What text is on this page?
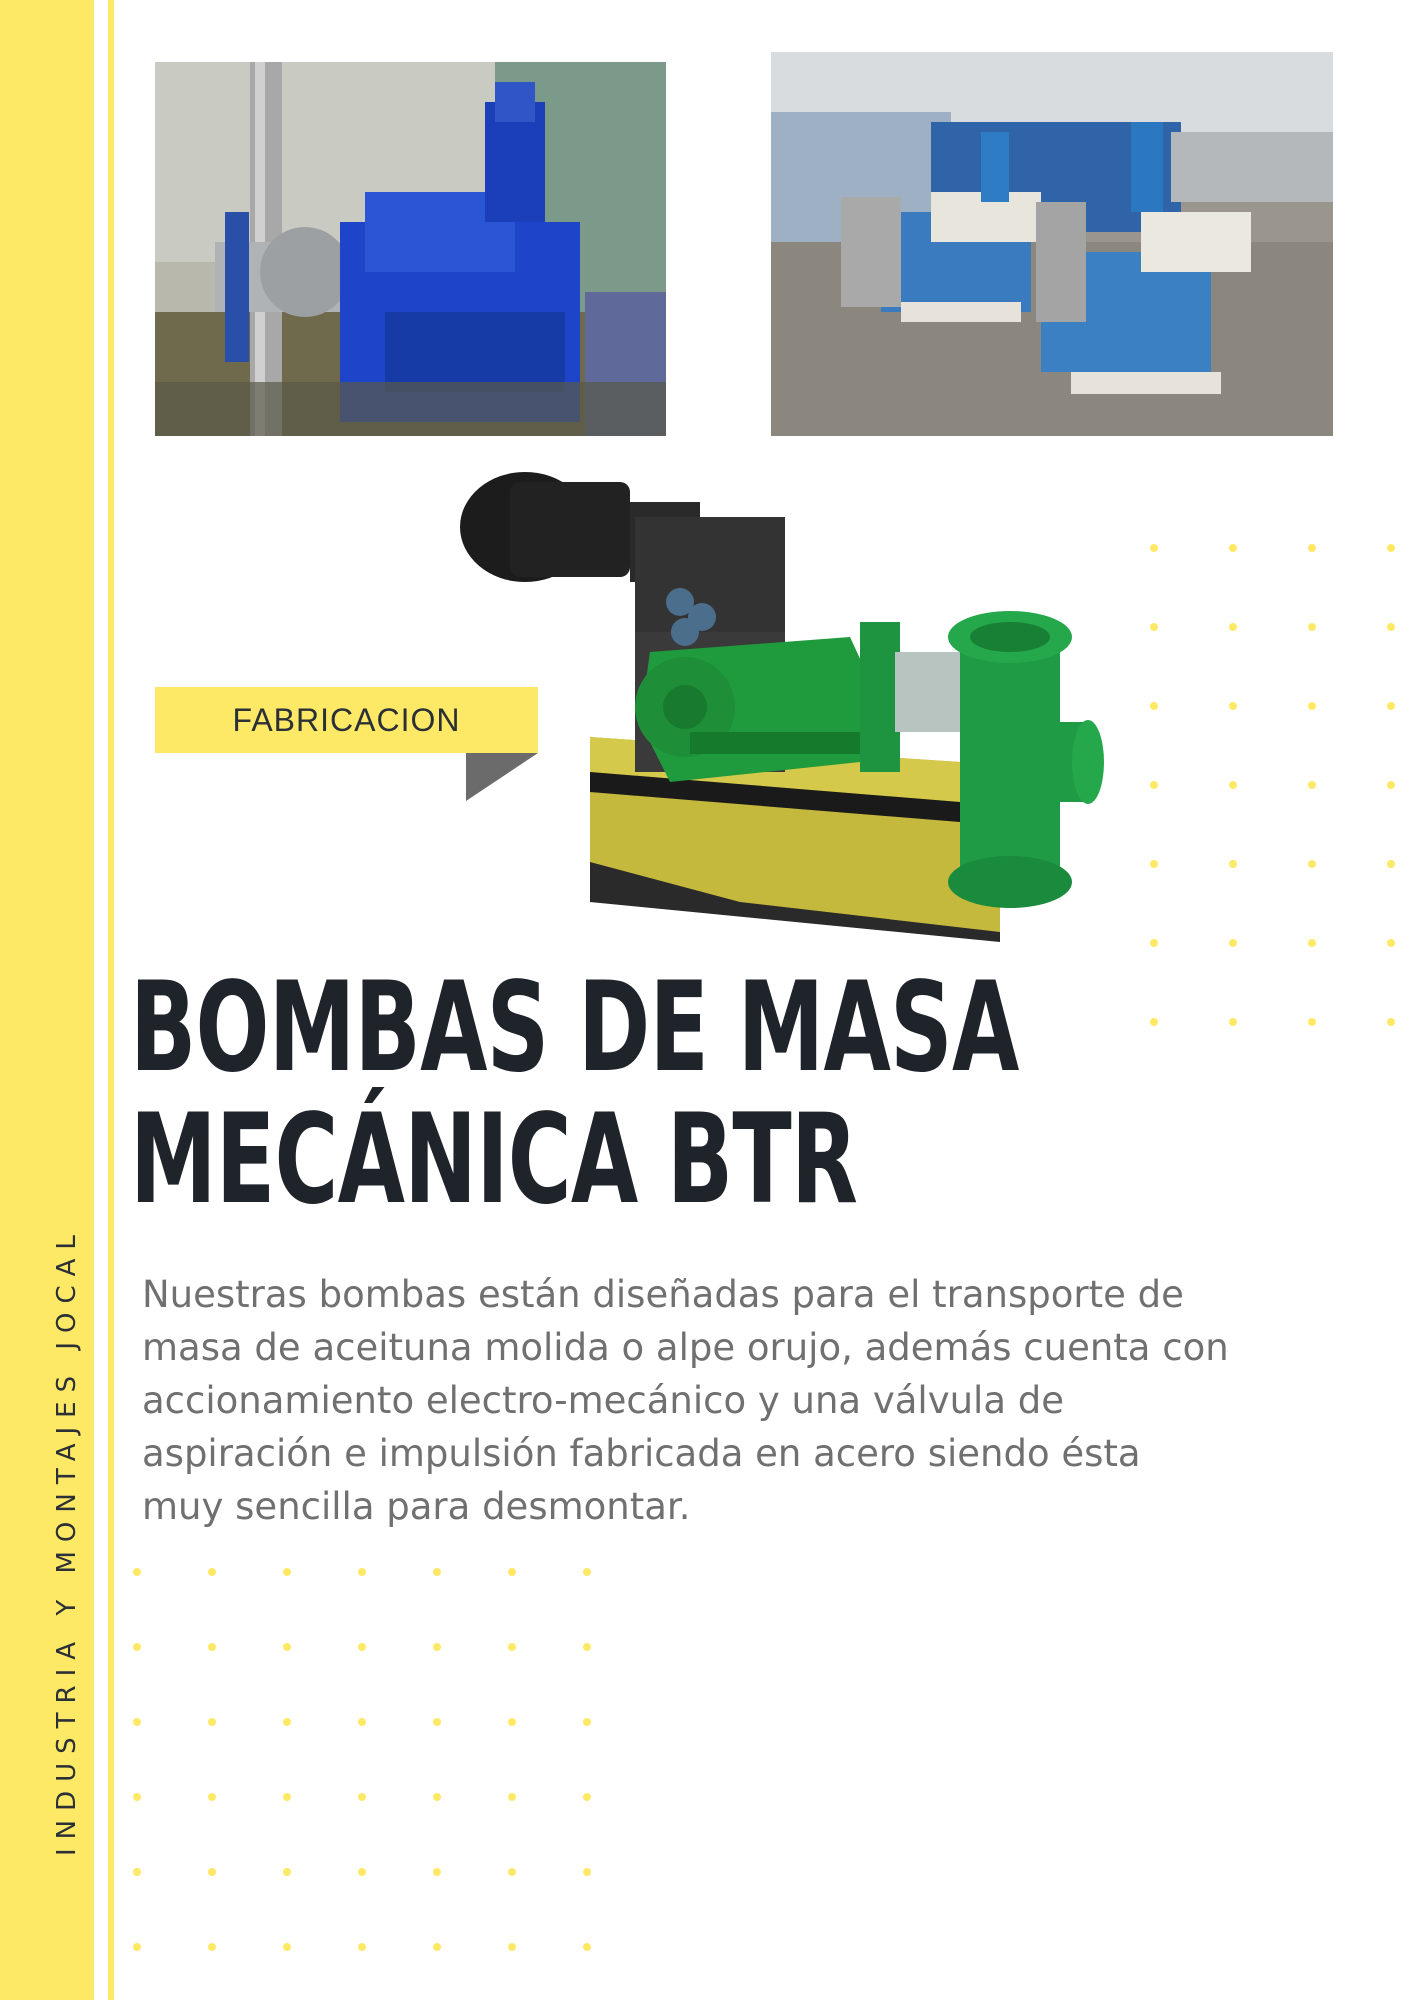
INDUSTRIA Y MONTAJES JOCAL
FABRICACION
BOMBAS DE MASA
MECÁNICA BTR

Nuestras bombas están diseñadas para el transporte de masa de aceituna molida o alpe orujo, además cuenta con accionamiento electro-mecánico y una válvula de aspiración e impulsión fabricada en acero siendo ésta muy sencilla para desmontar.
